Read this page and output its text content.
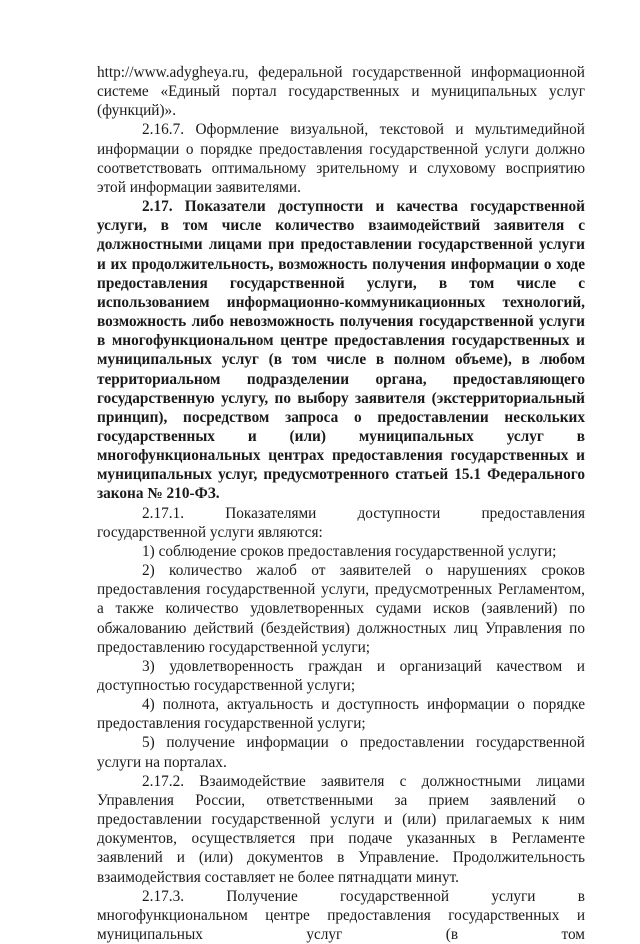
http://www.adygheya.ru, федеральной государственной информационной системе «Единый портал государственных и муниципальных услуг (функций)».

2.16.7. Оформление визуальной, текстовой и мультимедийной информации о порядке предоставления государственной услуги должно соответствовать оптимальному зрительному и слуховому восприятию этой информации заявителями.

2.17. Показатели доступности и качества государственной услуги, в том числе количество взаимодействий заявителя с должностными лицами при предоставлении государственной услуги и их продолжительность, возможность получения информации о ходе предоставления государственной услуги, в том числе с использованием информационно-коммуникационных технологий, возможность либо невозможность получения государственной услуги в многофункциональном центре предоставления государственных и муниципальных услуг (в том числе в полном объеме), в любом территориальном подразделении органа, предоставляющего государственную услугу, по выбору заявителя (экстерриториальный принцип), посредством запроса о предоставлении нескольких государственных и (или) муниципальных услуг в многофункциональных центрах предоставления государственных и муниципальных услуг, предусмотренного статьей 15.1 Федерального закона № 210-ФЗ.

2.17.1. Показателями доступности предоставления государственной услуги являются:

1) соблюдение сроков предоставления государственной услуги;

2) количество жалоб от заявителей о нарушениях сроков предоставления государственной услуги, предусмотренных Регламентом, а также количество удовлетворенных судами исков (заявлений) по обжалованию действий (бездействия) должностных лиц Управления по предоставлению государственной услуги;

3) удовлетворенность граждан и организаций качеством и доступностью государственной услуги;

4) полнота, актуальность и доступность информации о порядке предоставления государственной услуги;

5) получение информации о предоставлении государственной услуги на порталах.

2.17.2. Взаимодействие заявителя с должностными лицами Управления России, ответственными за прием заявлений о предоставлении государственной услуги и (или) прилагаемых к ним документов, осуществляется при подаче указанных в Регламенте заявлений и (или) документов в Управление. Продолжительность взаимодействия составляет не более пятнадцати минут.

2.17.3. Получение государственной услуги в многофункциональном центре предоставления государственных и муниципальных услуг (в том
